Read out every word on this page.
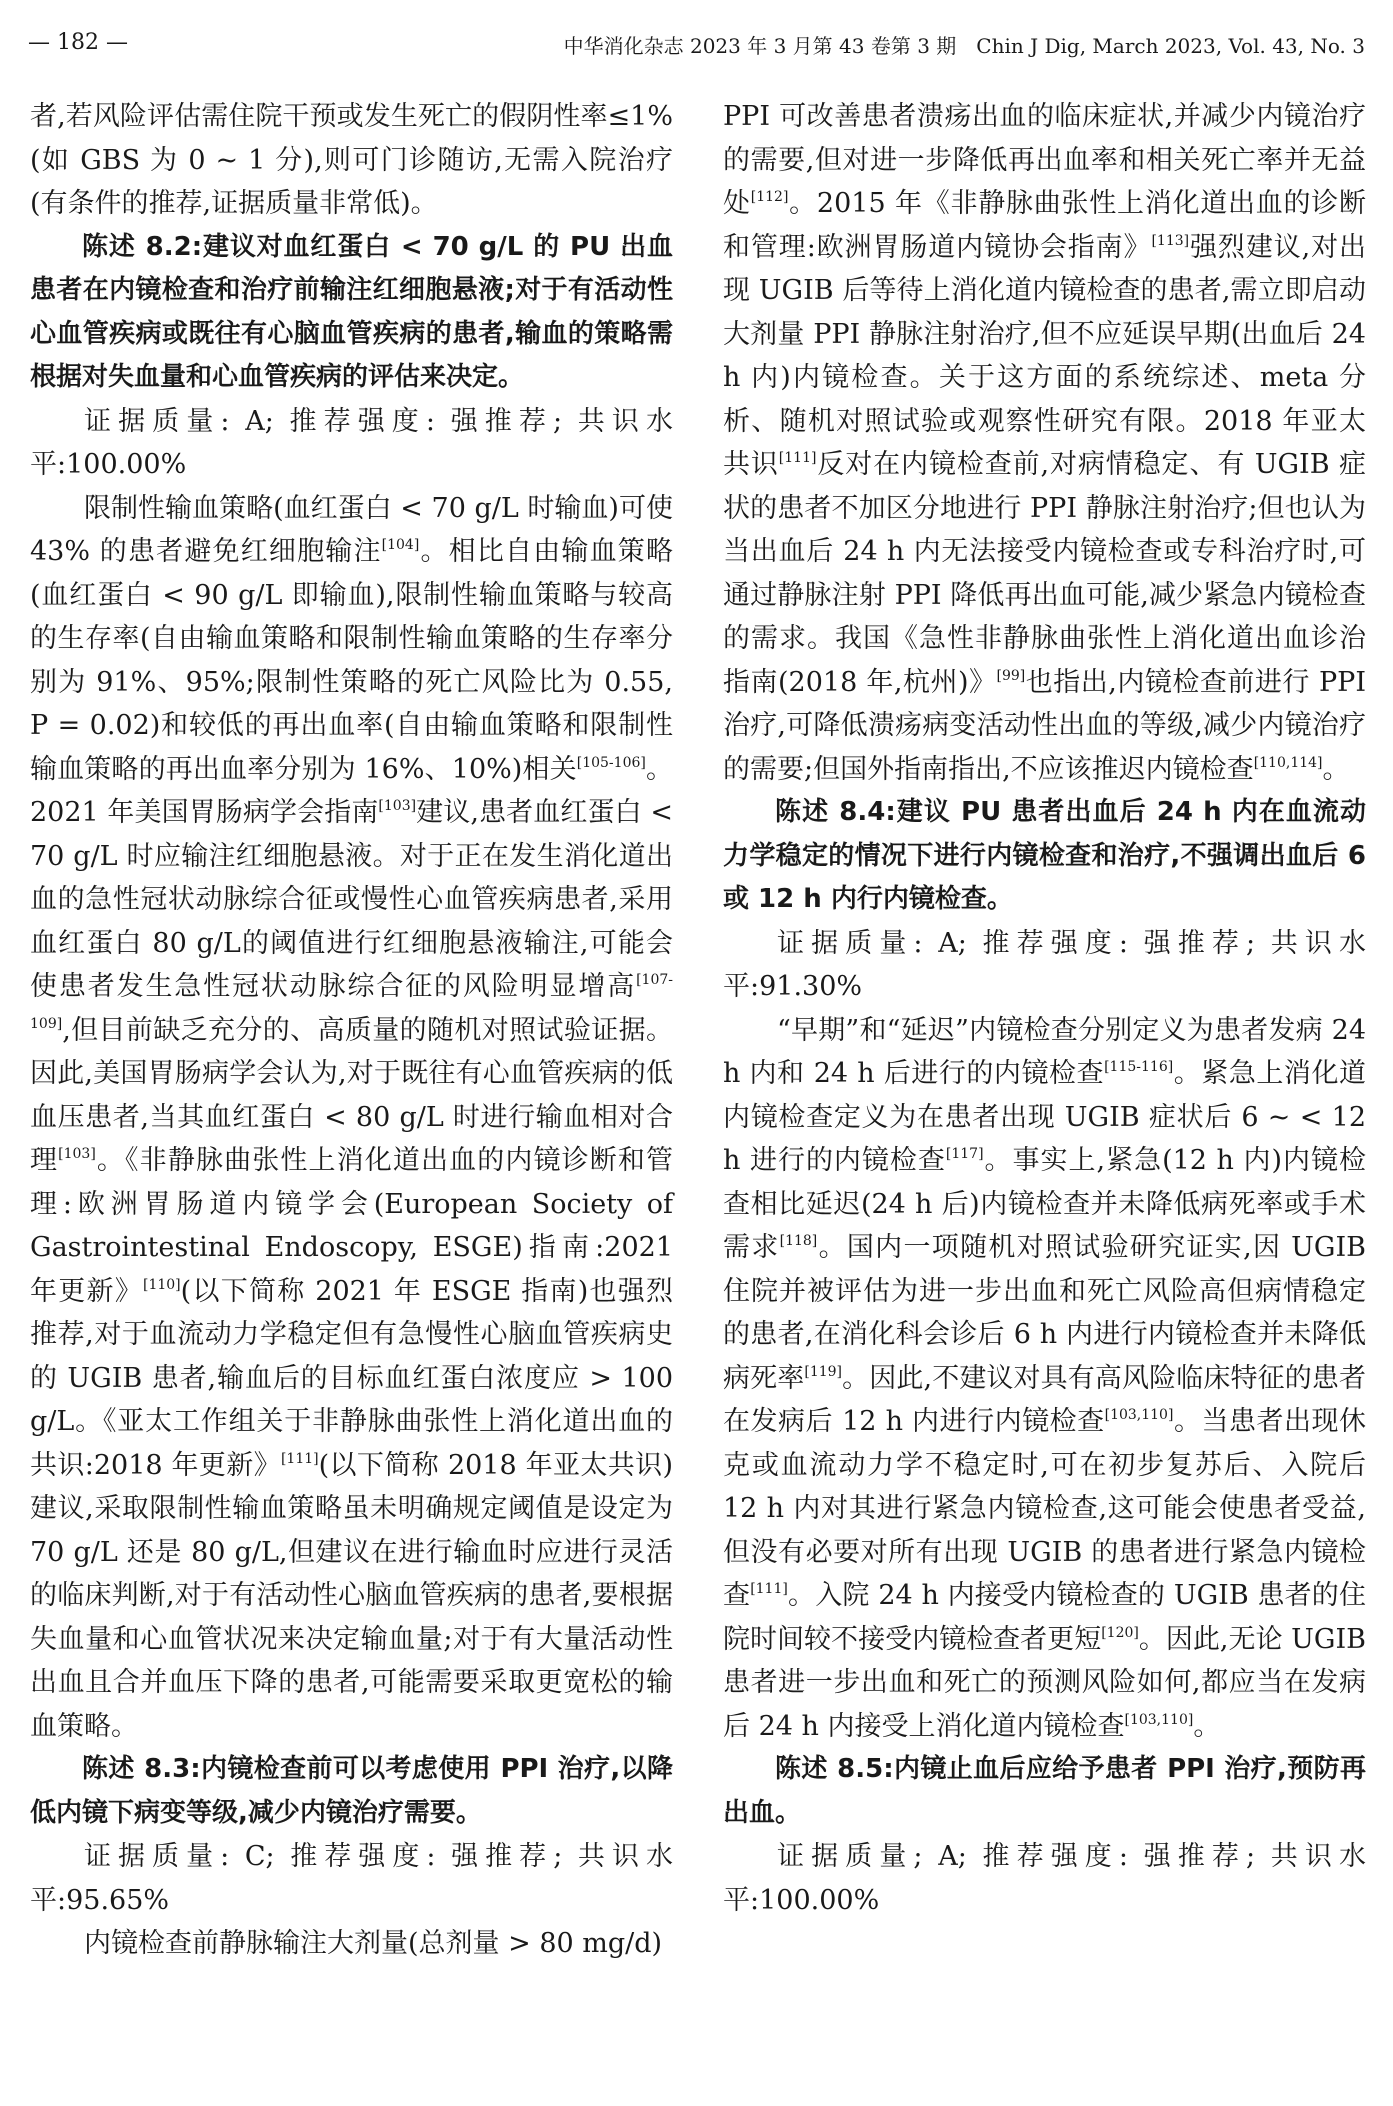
— 182 —	中华消化杂志 2023 年 3 月第 43 卷第 3 期　Chin J Dig, March 2023, Vol. 43, No. 3

者,若风险评估需住院干预或发生死亡的假阴性率≤1%(如 GBS 为 0 ~ 1 分),则可门诊随访,无需入院治疗(有条件的推荐,证据质量非常低)。

陈述 8.2:建议对血红蛋白 < 70 g/L 的 PU 出血患者在内镜检查和治疗前输注红细胞悬液;对于有活动性心血管疾病或既往有心脑血管疾病的患者,输血的策略需根据对失血量和心血管疾病的评估来决定。

证据质量: A; 推荐强度: 强推荐; 共识水平:100.00%

限制性输血策略(血红蛋白 < 70 g/L 时输血)可使 43% 的患者避免红细胞输注[104]。相比自由输血策略(血红蛋白 < 90 g/L 即输血),限制性输血策略与较高的生存率(自由输血策略和限制性输血策略的生存率分别为 91%、95%;限制性策略的死亡风险比为 0.55, P = 0.02)和较低的再出血率(自由输血策略和限制性输血策略的再出血率分别为 16%、10%)相关[105-106]。2021 年美国胃肠病学会指南[103]建议,患者血红蛋白 < 70 g/L 时应输注红细胞悬液。对于正在发生消化道出血的急性冠状动脉综合征或慢性心血管疾病患者,采用血红蛋白 80 g/L的阈值进行红细胞悬液输注,可能会使患者发生急性冠状动脉综合征的风险明显增高[107-109],但目前缺乏充分的、高质量的随机对照试验证据。因此,美国胃肠病学会认为,对于既往有心血管疾病的低血压患者,当其血红蛋白 < 80 g/L 时进行输血相对合理[103]。《非静脉曲张性上消化道出血的内镜诊断和管理:欧洲胃肠道内镜学会(European Society of Gastrointestinal Endoscopy, ESGE)指南:2021 年更新》[110](以下简称 2021 年 ESGE 指南)也强烈推荐,对于血流动力学稳定但有急慢性心脑血管疾病史的 UGIB 患者,输血后的目标血红蛋白浓度应 > 100 g/L。《亚太工作组关于非静脉曲张性上消化道出血的共识:2018 年更新》[111](以下简称 2018 年亚太共识)建议,采取限制性输血策略虽未明确规定阈值是设定为 70 g/L 还是 80 g/L,但建议在进行输血时应进行灵活的临床判断,对于有活动性心脑血管疾病的患者,要根据失血量和心血管状况来决定输血量;对于有大量活动性出血且合并血压下降的患者,可能需要采取更宽松的输血策略。

陈述 8.3:内镜检查前可以考虑使用 PPI 治疗,以降低内镜下病变等级,减少内镜治疗需要。

证据质量: C; 推荐强度: 强推荐; 共识水平:95.65%

内镜检查前静脉输注大剂量(总剂量 > 80 mg/d)

PPI 可改善患者溃疡出血的临床症状,并减少内镜治疗的需要,但对进一步降低再出血率和相关死亡率并无益处[112]。2015 年《非静脉曲张性上消化道出血的诊断和管理:欧洲胃肠道内镜协会指南》[113]强烈建议,对出现 UGIB 后等待上消化道内镜检查的患者,需立即启动大剂量 PPI 静脉注射治疗,但不应延误早期(出血后 24 h 内)内镜检查。关于这方面的系统综述、meta 分析、随机对照试验或观察性研究有限。2018 年亚太共识[111]反对在内镜检查前,对病情稳定、有 UGIB 症状的患者不加区分地进行 PPI 静脉注射治疗;但也认为当出血后 24 h 内无法接受内镜检查或专科治疗时,可通过静脉注射 PPI 降低再出血可能,减少紧急内镜检查的需求。我国《急性非静脉曲张性上消化道出血诊治指南(2018 年,杭州)》[99]也指出,内镜检查前进行 PPI 治疗,可降低溃疡病变活动性出血的等级,减少内镜治疗的需要;但国外指南指出,不应该推迟内镜检查[110,114]。

陈述 8.4:建议 PU 患者出血后 24 h 内在血流动力学稳定的情况下进行内镜检查和治疗,不强调出血后 6 或 12 h 内行内镜检查。

证据质量: A; 推荐强度: 强推荐; 共识水平:91.30%

“早期”和“延迟”内镜检查分别定义为患者发病 24 h 内和 24 h 后进行的内镜检查[115-116]。紧急上消化道内镜检查定义为在患者出现 UGIB 症状后 6 ~ < 12 h 进行的内镜检查[117]。事实上,紧急(12 h 内)内镜检查相比延迟(24 h 后)内镜检查并未降低病死率或手术需求[118]。国内一项随机对照试验研究证实,因 UGIB 住院并被评估为进一步出血和死亡风险高但病情稳定的患者,在消化科会诊后 6 h 内进行内镜检查并未降低病死率[119]。因此,不建议对具有高风险临床特征的患者在发病后 12 h 内进行内镜检查[103,110]。当患者出现休克或血流动力学不稳定时,可在初步复苏后、入院后 12 h 内对其进行紧急内镜检查,这可能会使患者受益,但没有必要对所有出现 UGIB 的患者进行紧急内镜检查[111]。入院 24 h 内接受内镜检查的 UGIB 患者的住院时间较不接受内镜检查者更短[120]。因此,无论 UGIB 患者进一步出血和死亡的预测风险如何,都应当在发病后 24 h 内接受上消化道内镜检查[103,110]。

陈述 8.5:内镜止血后应给予患者 PPI 治疗,预防再出血。

证据质量; A; 推荐强度: 强推荐; 共识水平:100.00%
